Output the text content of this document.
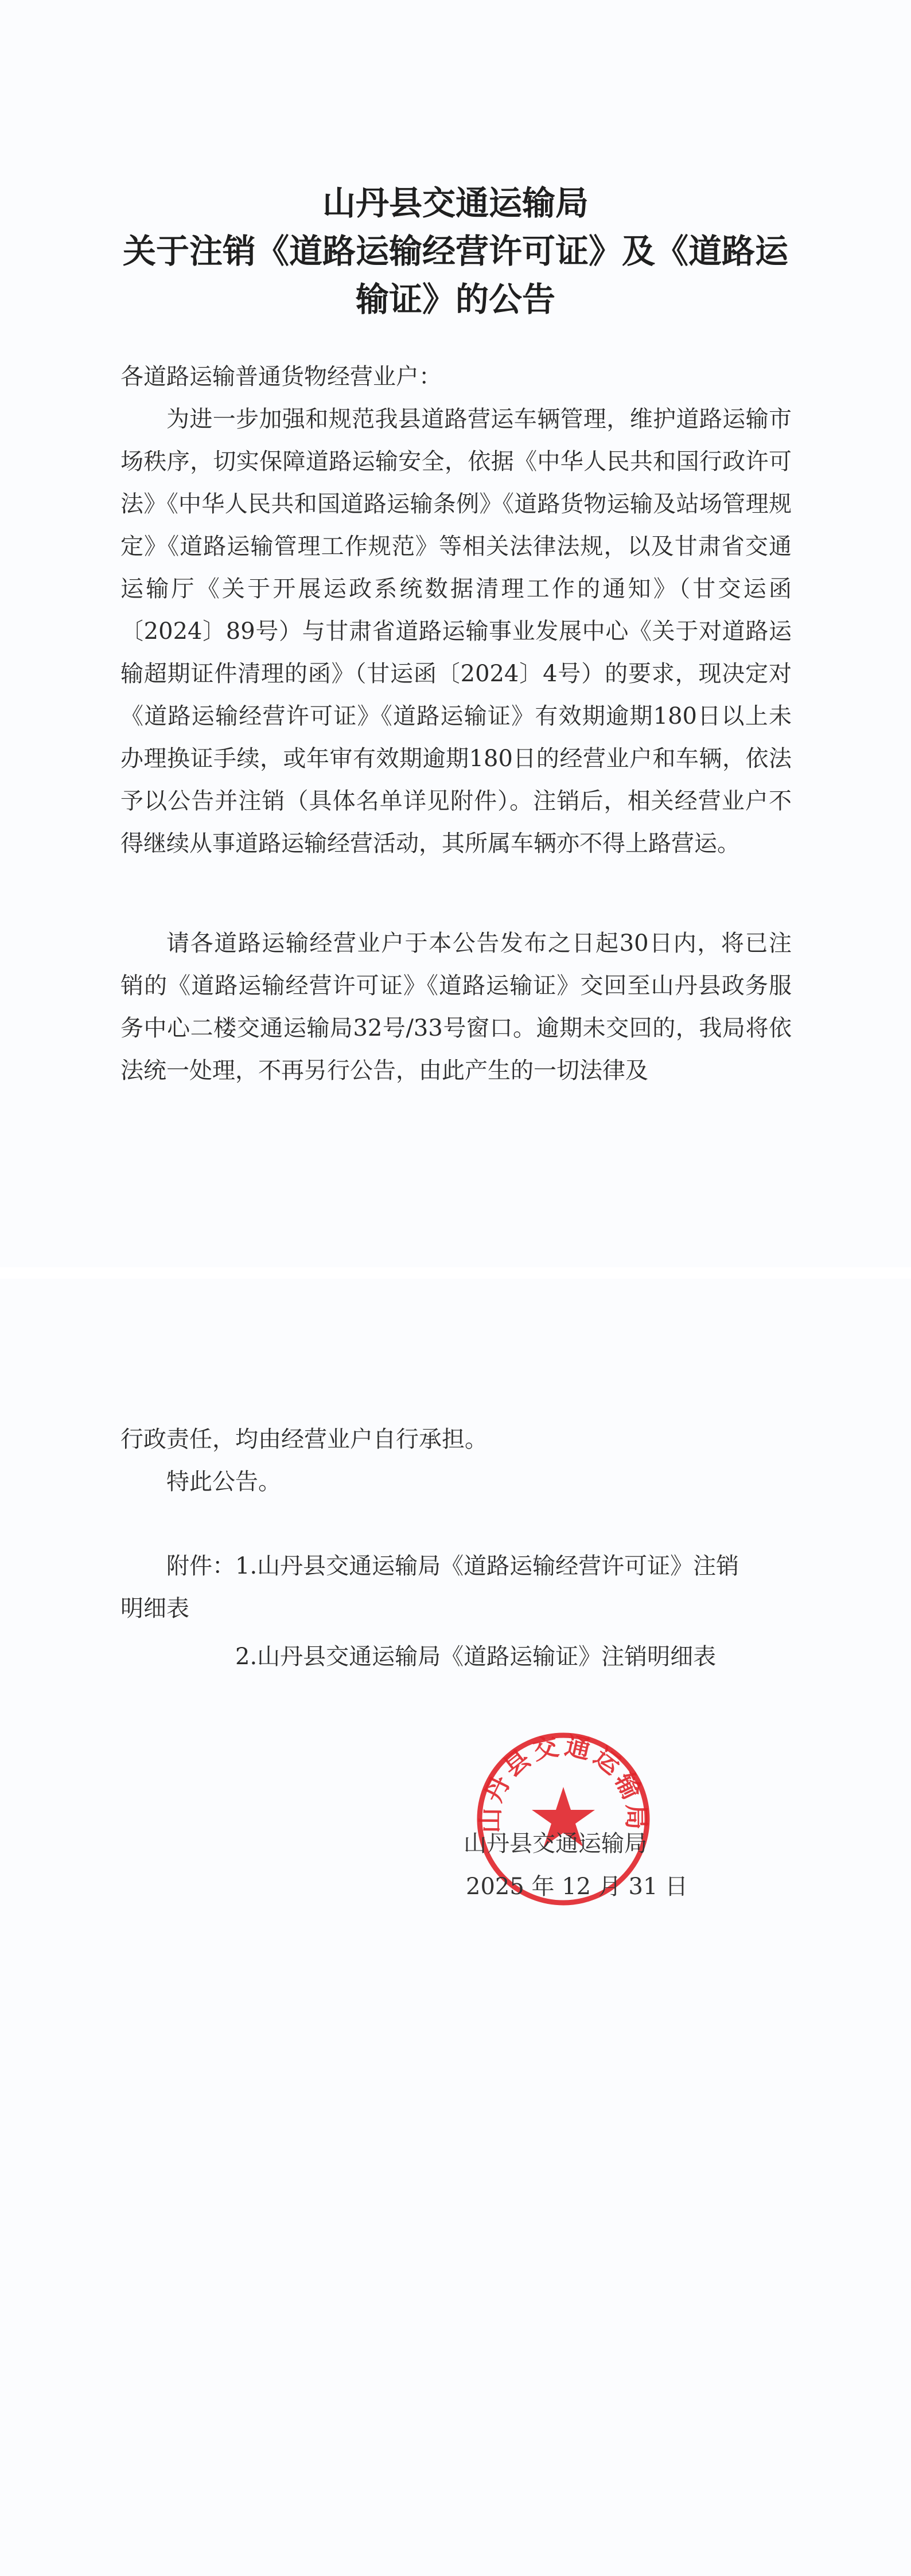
山丹县交通运输局
关于注销《道路运输经营许可证》及《道路运
输证》的公告
各道路运输普通货物经营业户：
为进一步加强和规范我县道路营运车辆管理，维护道路运输市场秩序，切实保障道路运输安全，依据《中华人民共和国行政许可法》《中华人民共和国道路运输条例》《道路货物运输及站场管理规定》《道路运输管理工作规范》等相关法律法规，以及甘肃省交通运输厅《关于开展运政系统数据清理工作的通知》（甘交运函〔2024〕89号）与甘肃省道路运输事业发展中心《关于对道路运输超期证件清理的函》（甘运函〔2024〕4号）的要求，现决定对《道路运输经营许可证》《道路运输证》有效期逾期180日以上未办理换证手续，或年审有效期逾期180日的经营业户和车辆，依法予以公告并注销（具体名单详见附件）。注销后，相关经营业户不得继续从事道路运输经营活动，其所属车辆亦不得上路营运。
请各道路运输经营业户于本公告发布之日起30日内，将已注销的《道路运输经营许可证》《道路运输证》交回至山丹县政务服务中心二楼交通运输局32号/33号窗口。逾期未交回的，我局将依法统一处理，不再另行公告，由此产生的一切法律及
行政责任，均由经营业户自行承担。
特此公告。
附件： 1.山丹县交通运输局《道路运输经营许可证》注销
明细表
2.山丹县交通运输局《道路运输证》注销明细表
山丹县交通运输局
山丹县交通运输局
2025 年 12 月 31 日
